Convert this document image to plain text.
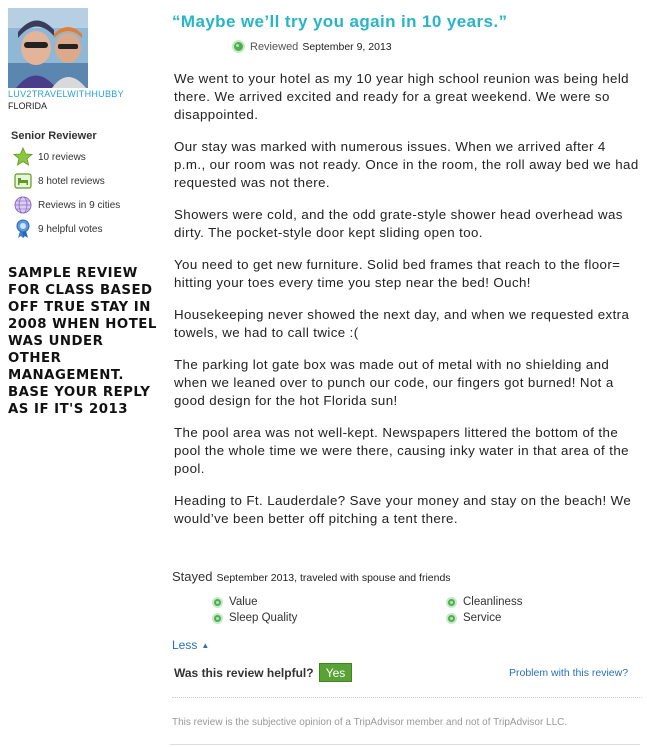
LUV2TRAVELWITHHUBBY
FLORIDA
Senior Reviewer
10 reviews
8 hotel reviews
Reviews in 9 cities
9 helpful votes
SAMPLE REVIEW FOR CLASS BASED OFF TRUE STAY IN 2008 WHEN HOTEL WAS UNDER OTHER MANAGEMENT. BASE YOUR REPLY AS IF IT'S 2013
“Maybe we’ll try you again in 10 years.”
Reviewed September 9, 2013

We went to your hotel as my 10 year high school reunion was being held there. We arrived excited and ready for a great weekend. We were so disappointed.

Our stay was marked with numerous issues. When we arrived after 4 p.m., our room was not ready. Once in the room, the roll away bed we had requested was not there.

Showers were cold, and the odd grate-style shower head overhead was dirty. The pocket-style door kept sliding open too.

You need to get new furniture. Solid bed frames that reach to the floor= hitting your toes every time you step near the bed! Ouch!

Housekeeping never showed the next day, and when we requested extra towels, we had to call twice :(

The parking lot gate box was made out of metal with no shielding and when we leaned over to punch our code, our fingers got burned! Not a good design for the hot Florida sun!

The pool area was not well-kept. Newspapers littered the bottom of the pool the whole time we were there, causing inky water in that area of the pool.

Heading to Ft. Lauderdale? Save your money and stay on the beach! We would’ve been better off pitching a tent there.

Stayed September 2013, traveled with spouse and friends
Value
Sleep Quality
Cleanliness
Service
Less ▲
Was this review helpful?	Yes	Problem with this review?
This review is the subjective opinion of a TripAdvisor member and not of TripAdvisor LLC.
